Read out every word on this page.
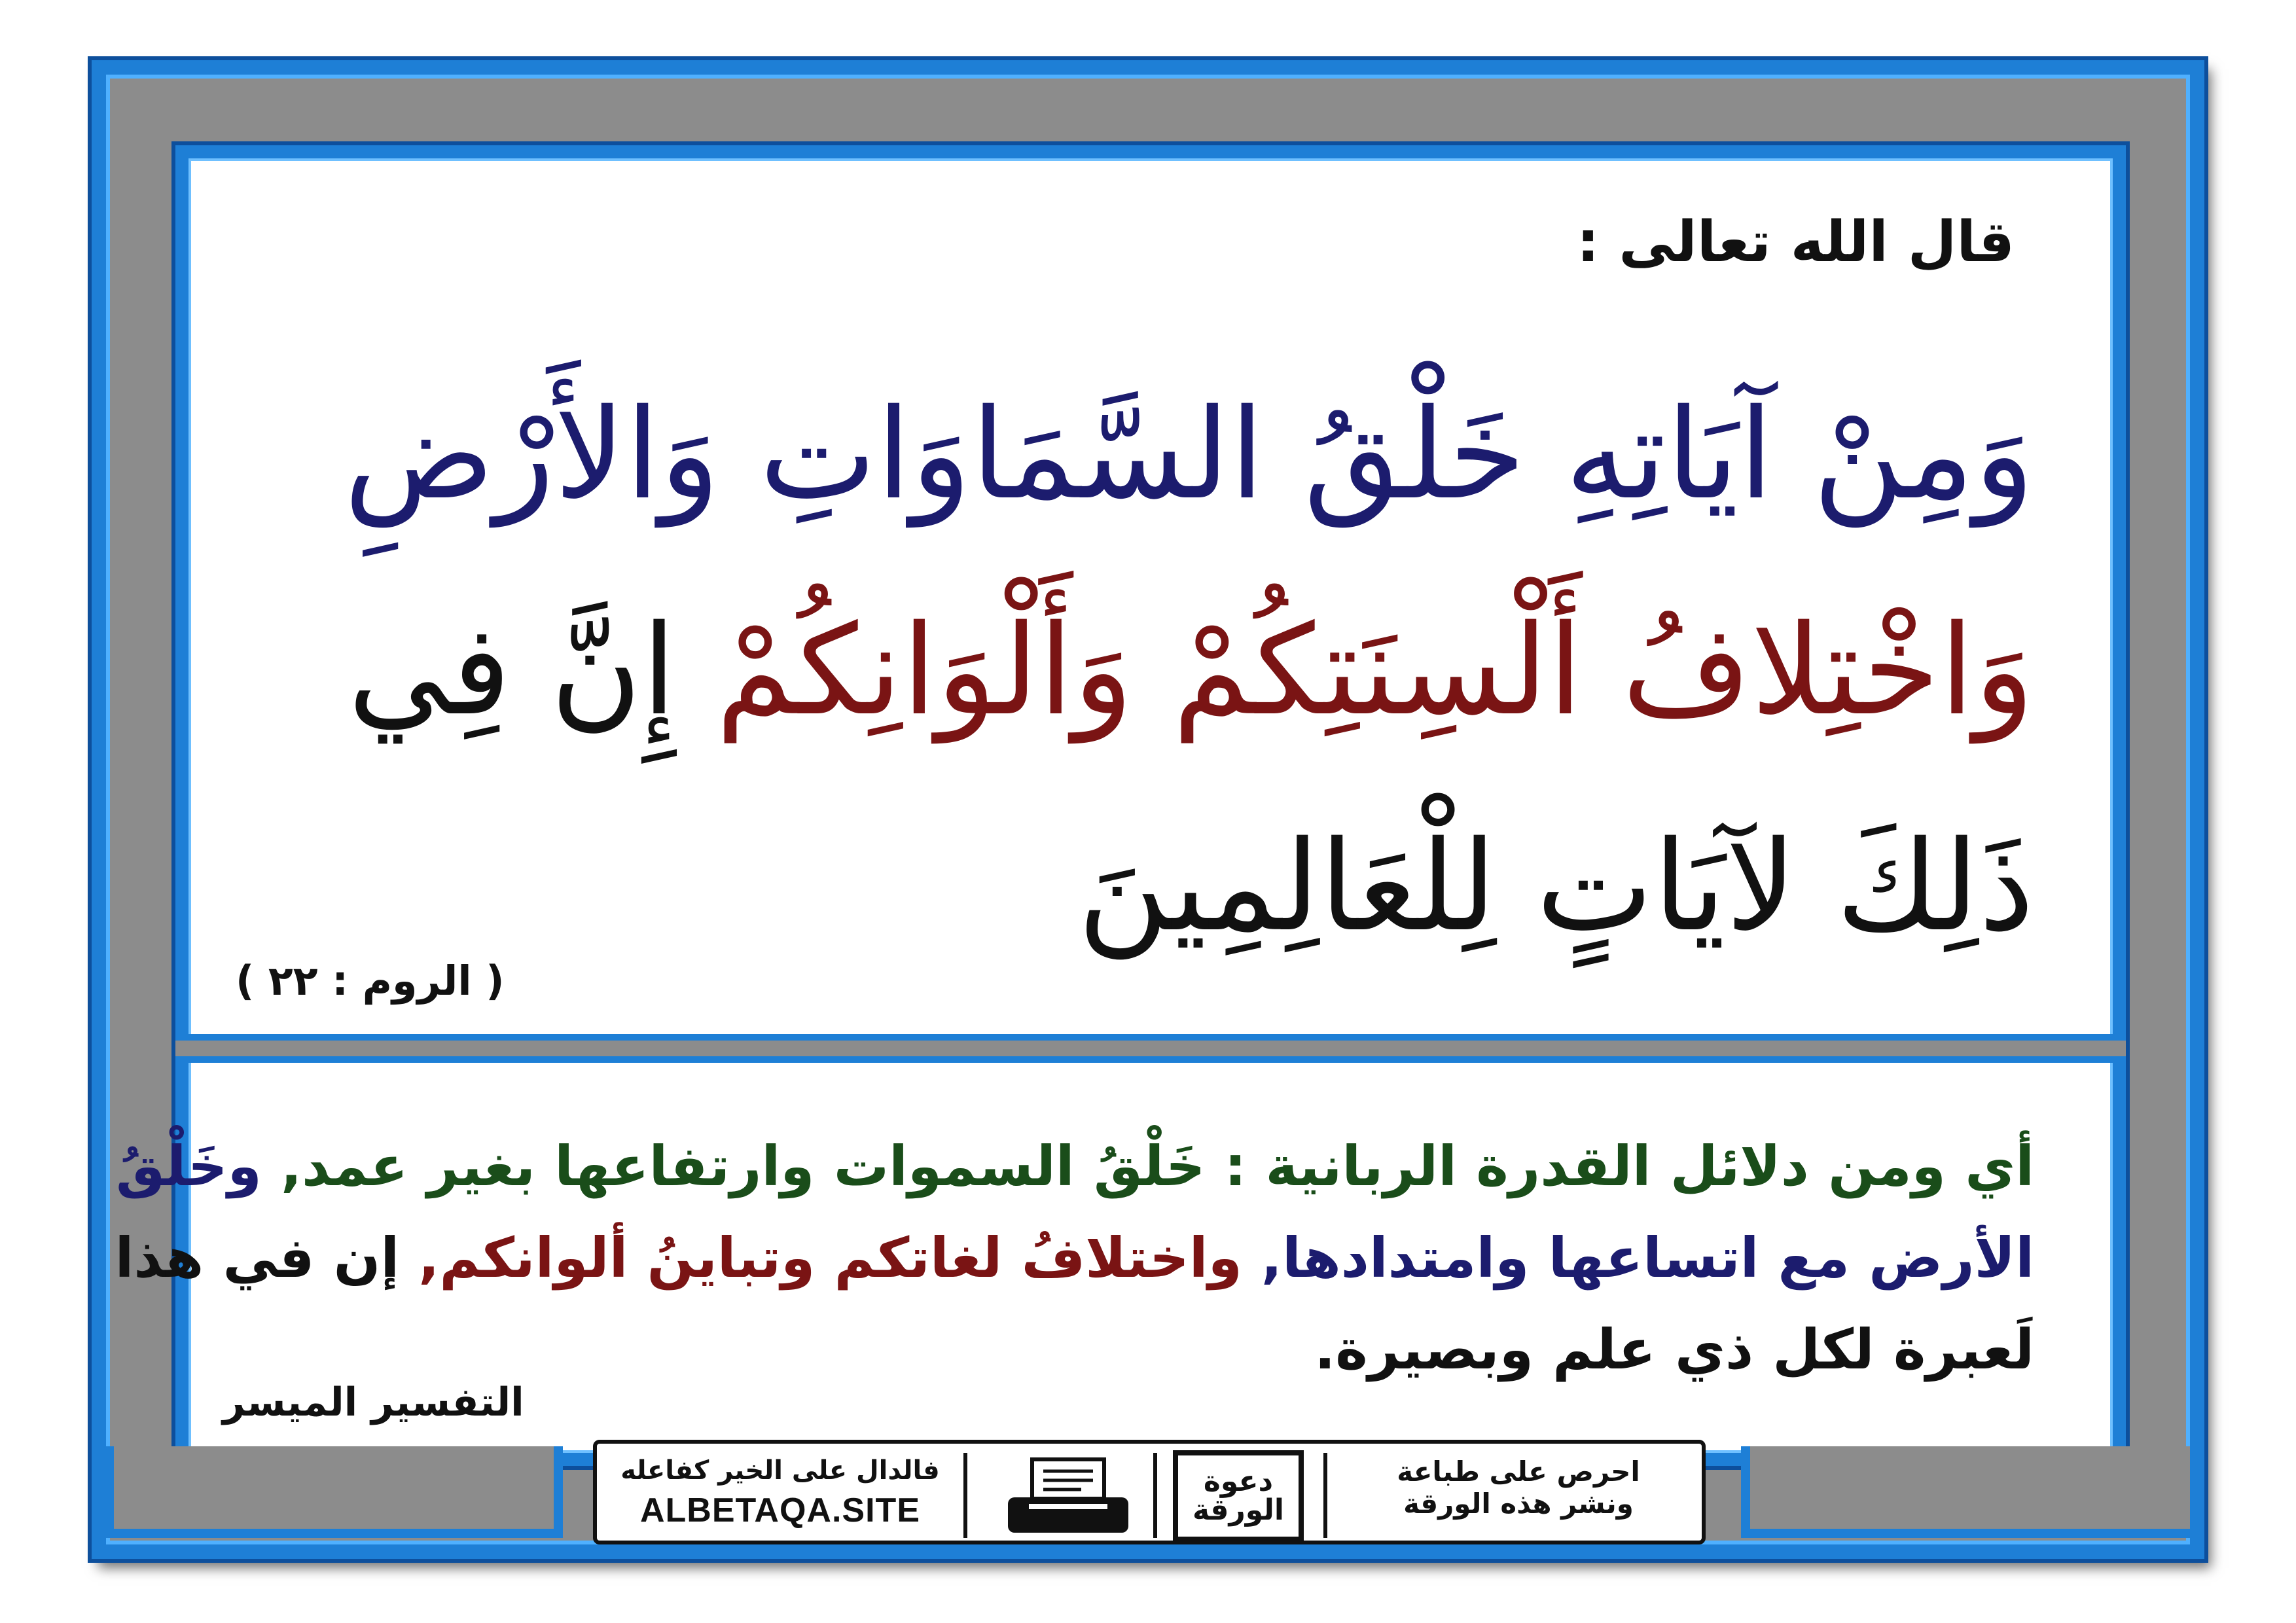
قال الله تعالى :
وَمِنْ آيَاتِهِ خَلْقُ السَّمَاوَاتِ وَالأَرْضِ
وَاخْتِلافُ أَلْسِنَتِكُمْ وَأَلْوَانِكُمْ إِنَّ فِي
ذَلِكَ لآيَاتٍ لِلْعَالِمِينَ
( الروم : ٢٢ )
أي ومن دلائل القدرة الربانية : خَلْقُ السموات وارتفاعها بغير عمد, وخَلْقُ
الأرض مع اتساعها وامتدادها, واختلافُ لغاتكم وتباينُ ألوانكم, إن في هذا
لَعبرة لكل ذي علم وبصيرة.
التفسير الميسر
فالدال على الخير كفاعله
ALBETAQA.SITE
دعوة
الورقة
احرص على طباعة
ونشر هذه الورقة
